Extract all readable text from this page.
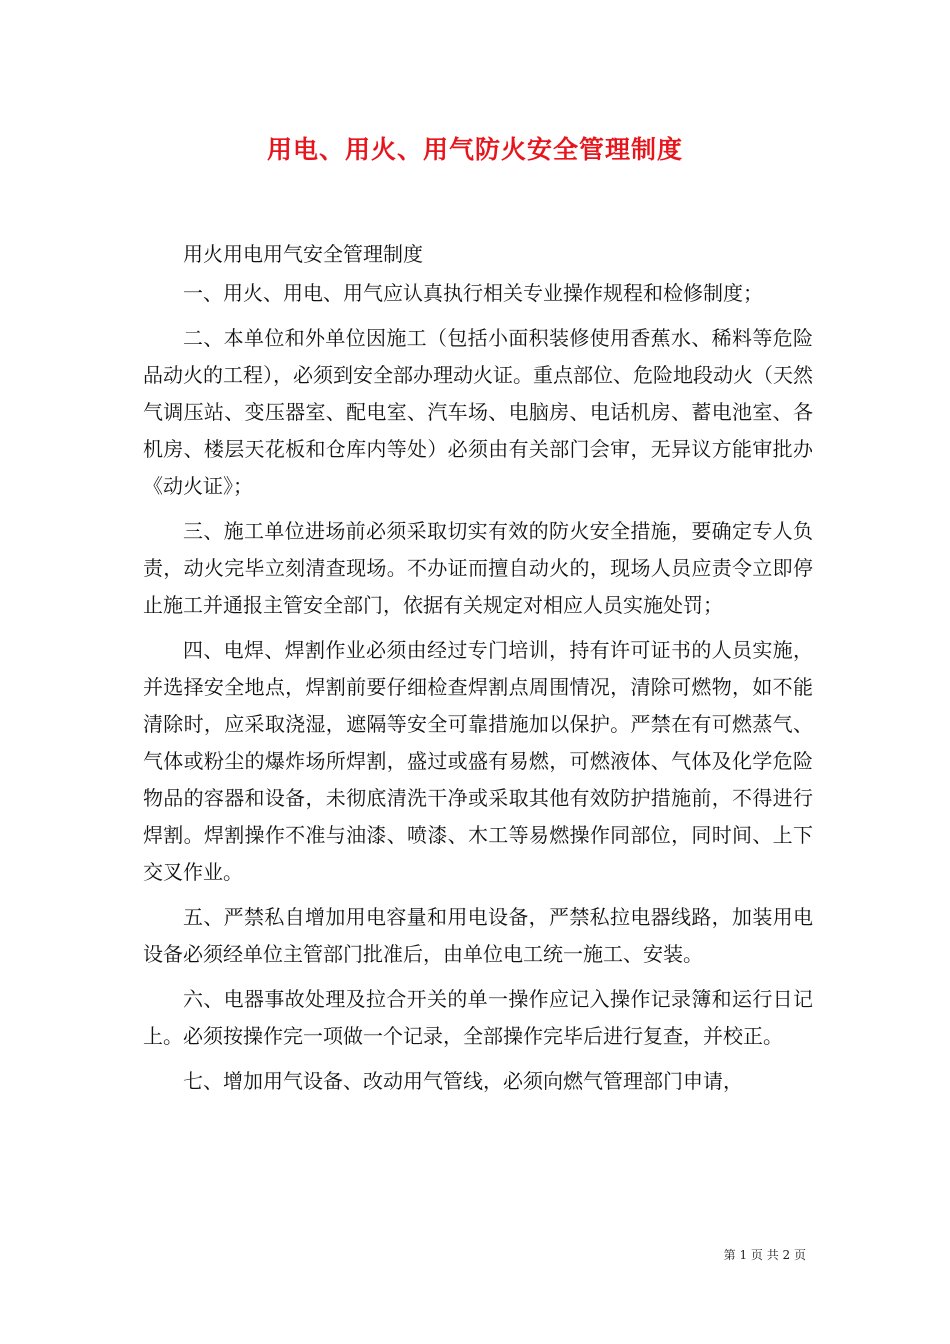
用电、用火、用气防火安全管理制度

用火用电用气安全管理制度

一、用火、用电、用气应认真执行相关专业操作规程和检修制度；

二、本单位和外单位因施工（包括小面积装修使用香蕉水、稀料等危险品动火的工程），必须到安全部办理动火证。重点部位、危险地段动火（天然气调压站、变压器室、配电室、汽车场、电脑房、电话机房、蓄电池室、各机房、楼层天花板和仓库内等处）必须由有关部门会审，无异议方能审批办《动火证》；

三、施工单位进场前必须采取切实有效的防火安全措施，要确定专人负责，动火完毕立刻清查现场。不办证而擅自动火的，现场人员应责令立即停止施工并通报主管安全部门，依据有关规定对相应人员实施处罚；

四、电焊、焊割作业必须由经过专门培训，持有许可证书的人员实施，并选择安全地点，焊割前要仔细检查焊割点周围情况，清除可燃物，如不能清除时，应采取浇湿，遮隔等安全可靠措施加以保护。严禁在有可燃蒸气、气体或粉尘的爆炸场所焊割，盛过或盛有易燃，可燃液体、气体及化学危险物品的容器和设备，未彻底清洗干净或采取其他有效防护措施前，不得进行焊割。焊割操作不准与油漆、喷漆、木工等易燃操作同部位，同时间、上下交叉作业。

五、严禁私自增加用电容量和用电设备，严禁私拉电器线路，加装用电设备必须经单位主管部门批准后，由单位电工统一施工、安装。

六、电器事故处理及拉合开关的单一操作应记入操作记录簿和运行日记上。必须按操作完一项做一个记录，全部操作完毕后进行复查，并校正。

七、增加用气设备、改动用气管线，必须向燃气管理部门申请，

第 1 页 共 2 页
